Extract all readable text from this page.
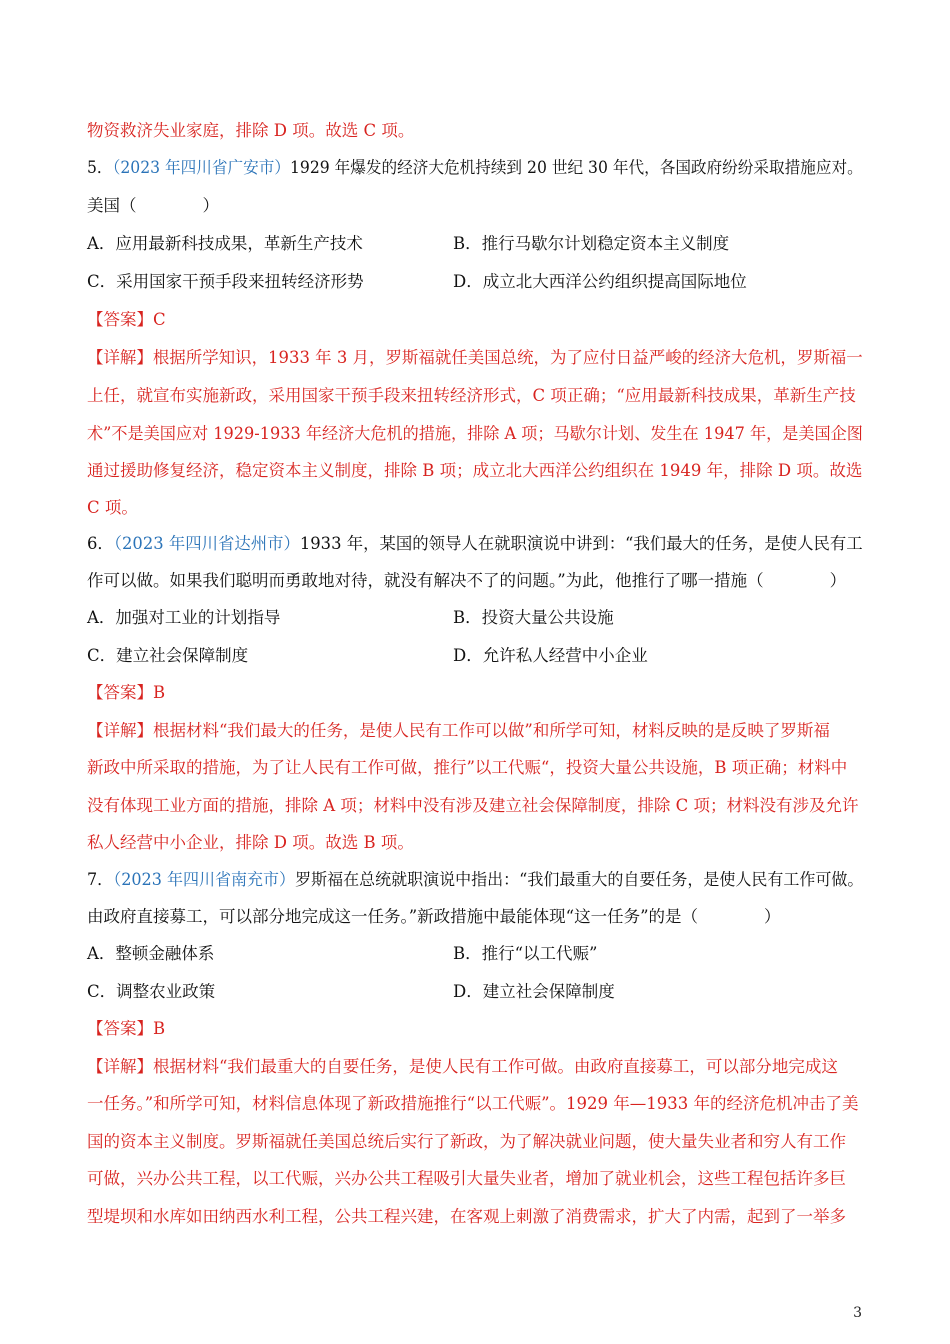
物资救济失业家庭，排除 D 项。故选 C 项。
5．（2023 年四川省广安市）1929 年爆发的经济大危机持续到 20 世纪 30 年代，各国政府纷纷采取措施应对。
美国（　　　　）
A．应用最新科技成果，革新生产技术	B．推行马歇尔计划稳定资本主义制度
C．采用国家干预手段来扭转经济形势	D．成立北大西洋公约组织提高国际地位
【答案】C
【详解】根据所学知识，1933 年 3 月，罗斯福就任美国总统，为了应付日益严峻的经济大危机，罗斯福一
上任，就宣布实施新政，采用国家干预手段来扭转经济形式，C 项正确；“应用最新科技成果，革新生产技
术”不是美国应对 1929-1933 年经济大危机的措施，排除 A 项；马歇尔计划、发生在 1947 年，是美国企图
通过援助修复经济，稳定资本主义制度，排除 B 项；成立北大西洋公约组织在 1949 年，排除 D 项。故选
C 项。
6．（2023 年四川省达州市）1933 年，某国的领导人在就职演说中讲到：“我们最大的任务，是使人民有工
作可以做。如果我们聪明而勇敢地对待，就没有解决不了的问题。”为此，他推行了哪一措施（　　　　）
A．加强对工业的计划指导	B．投资大量公共设施
C．建立社会保障制度	D．允许私人经营中小企业
【答案】B
【详解】根据材料“我们最大的任务，是使人民有工作可以做”和所学可知，材料反映的是反映了罗斯福
新政中所采取的措施，为了让人民有工作可做，推行”以工代赈“，投资大量公共设施，B 项正确；材料中
没有体现工业方面的措施，排除 A 项；材料中没有涉及建立社会保障制度，排除 C 项；材料没有涉及允许
私人经营中小企业，排除 D 项。故选 B 项。
7．（2023 年四川省南充市）罗斯福在总统就职演说中指出：“我们最重大的自要任务，是使人民有工作可做。
由政府直接募工，可以部分地完成这一任务。”新政措施中最能体现“这一任务”的是（　　　　）
A．整顿金融体系	B．推行“以工代赈”
C．调整农业政策	D．建立社会保障制度
【答案】B
【详解】根据材料“我们最重大的自要任务，是使人民有工作可做。由政府直接募工，可以部分地完成这
一任务。”和所学可知，材料信息体现了新政措施推行“以工代赈”。1929 年—1933 年的经济危机冲击了美
国的资本主义制度。罗斯福就任美国总统后实行了新政，为了解决就业问题，使大量失业者和穷人有工作
可做，兴办公共工程，以工代赈，兴办公共工程吸引大量失业者，增加了就业机会，这些工程包括许多巨
型堤坝和水库如田纳西水利工程，公共工程兴建，在客观上刺激了消费需求，扩大了内需，起到了一举多
3
